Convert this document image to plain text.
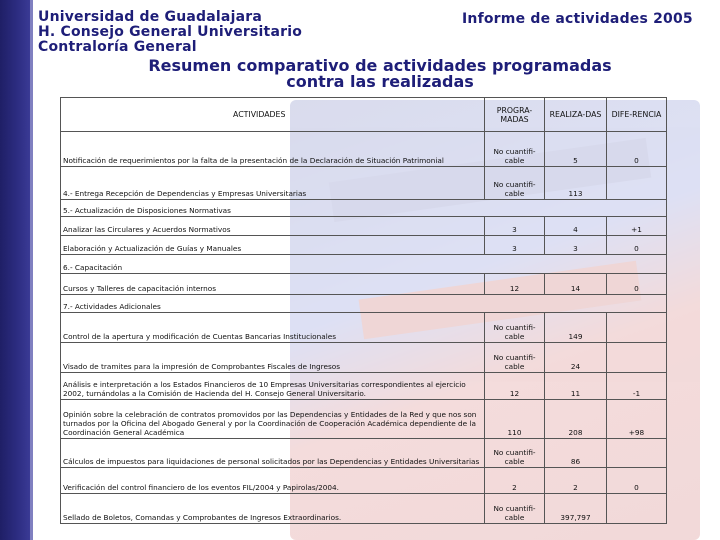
Universidad de Guadalajara
H. Consejo General Universitario
Contraloría General
Informe de actividades 2005
Resumen comparativo de actividades programadas
contra las realizadas
ACTIVIDADES	PROGRA-MADAS	REALIZA-DAS	DIFE-RENCIA
Notificación de requerimientos por la falta de la presentación de la Declaración de Situación Patrimonial	No cuantifi-cable	5	0
4.- Entrega Recepción de Dependencias y Empresas Universitarias	No cuantifi-cable	113	
5.- Actualización de Disposiciones Normativas			
Analizar las Circulares y Acuerdos Normativos	3	4	+1
Elaboración y Actualización de Guías y Manuales	3	3	0
6.- Capacitación			
Cursos y Talleres de capacitación internos	12	14	0
7.- Actividades Adicionales			
Control de la apertura y modificación de Cuentas Bancarias Institucionales	No cuantifi-cable	149	
Visado de tramites para la impresión de Comprobantes Fiscales de Ingresos	No cuantifi-cable	24	
Análisis e interpretación a los Estados Financieros de 10 Empresas Universitarias correspondientes al ejercicio 2002, turnándolas a la Comisión de Hacienda del H. Consejo General Universitario.	12	11	-1
Opinión sobre la celebración de contratos promovidos por las Dependencias y Entidades de la Red y que nos son turnados por la Oficina del Abogado General y por la Coordinación de Cooperación Académica dependiente de la Coordinación General Académica	110	208	+98
Cálculos de impuestos para liquidaciones de personal solicitados por las Dependencias y Entidades Universitarias	No cuantifi-cable	86	
Verificación del control financiero de los eventos FIL/2004 y Papirolas/2004.	2	2	0
Sellado de Boletos, Comandas y Comprobantes de Ingresos Extraordinarios.	No cuantifi-cable	397,797	
